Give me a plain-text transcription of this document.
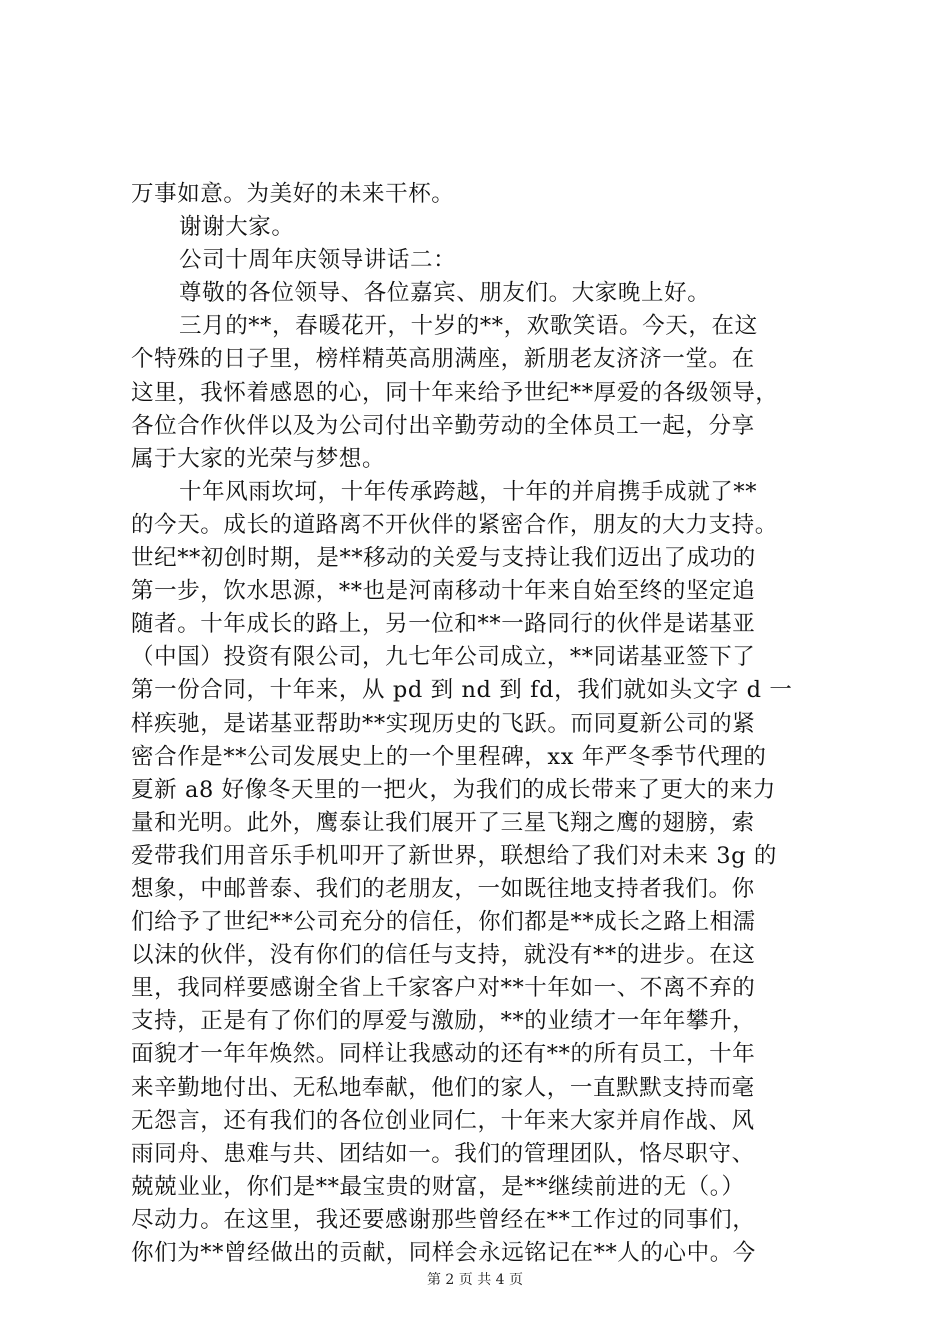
万事如意。为美好的未来干杯。
谢谢大家。
公司十周年庆领导讲话二：
尊敬的各位领导、各位嘉宾、朋友们。大家晚上好。
三月的**，春暖花开，十岁的**，欢歌笑语。今天，在这
个特殊的日子里，榜样精英高朋满座，新朋老友济济一堂。在
这里，我怀着感恩的心，同十年来给予世纪**厚爱的各级领导，
各位合作伙伴以及为公司付出辛勤劳动的全体员工一起，分享
属于大家的光荣与梦想。
十年风雨坎坷，十年传承跨越，十年的并肩携手成就了**
的今天。成长的道路离不开伙伴的紧密合作，朋友的大力支持。
世纪**初创时期，是**移动的关爱与支持让我们迈出了成功的
第一步，饮水思源，**也是河南移动十年来自始至终的坚定追
随者。十年成长的路上，另一位和**一路同行的伙伴是诺基亚
（中国）投资有限公司，九七年公司成立，**同诺基亚签下了
第一份合同，十年来，从 pd 到 nd 到 fd，我们就如头文字 d 一
样疾驰，是诺基亚帮助**实现历史的飞跃。而同夏新公司的紧
密合作是**公司发展史上的一个里程碑，xx 年严冬季节代理的
夏新 a8 好像冬天里的一把火，为我们的成长带来了更大的来力
量和光明。此外，鹰泰让我们展开了三星飞翔之鹰的翅膀，索
爱带我们用音乐手机叩开了新世界，联想给了我们对未来 3g 的
想象，中邮普泰、我们的老朋友，一如既往地支持者我们。你
们给予了世纪**公司充分的信任，你们都是**成长之路上相濡
以沫的伙伴，没有你们的信任与支持，就没有**的进步。在这
里，我同样要感谢全省上千家客户对**十年如一、不离不弃的
支持，正是有了你们的厚爱与激励，**的业绩才一年年攀升，
面貌才一年年焕然。同样让我感动的还有**的所有员工，十年
来辛勤地付出、无私地奉献，他们的家人，一直默默支持而毫
无怨言，还有我们的各位创业同仁，十年来大家并肩作战、风
雨同舟、患难与共、团结如一。我们的管理团队，恪尽职守、
兢兢业业，你们是**最宝贵的财富，是**继续前进的无（。）
尽动力。在这里，我还要感谢那些曾经在**工作过的同事们，
你们为**曾经做出的贡献，同样会永远铭记在**人的心中。今
第 2 页 共 4 页
